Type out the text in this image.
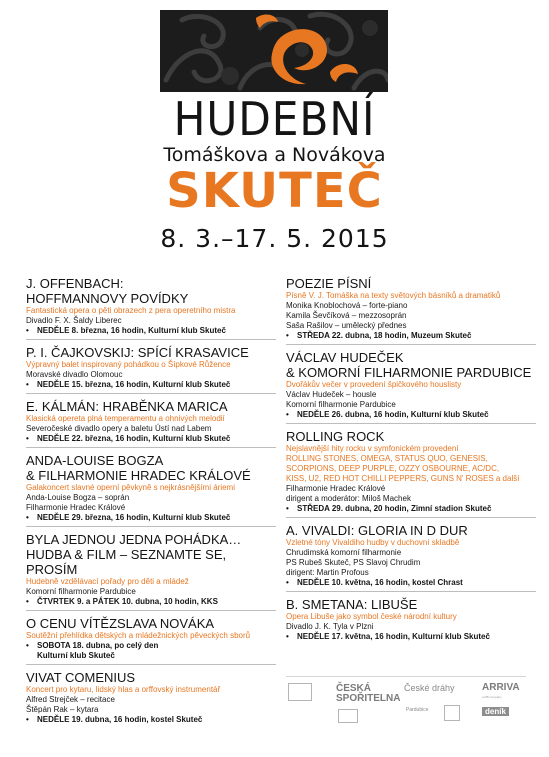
HUDEBNÍ
Tomáškova a Novákova
SKUTEČ
8. 3.–17. 5. 2015
J. OFFENBACH:
HOFFMANNOVY POVÍDKY
Fantastická opera o pěti obrazech z pera operetního mistra
Divadlo F. X. Šaldy Liberec
• NEDĚLE 8. března, 16 hodin, Kulturní klub Skuteč
P. I. ČAJKOVSKIJ: SPÍCÍ KRASAVICE
Výpravný balet inspirovaný pohádkou o Šípkové Růžence
Moravské divadlo Olomouc
• NEDĚLE 15. března, 16 hodin, Kulturní klub Skuteč
E. KÁLMÁN: HRABĚNKA MARICA
Klasická opereta plná temperamentu a ohnivých melodií
Severočeské divadlo opery a baletu Ústí nad Labem
• NEDĚLE 22. března, 16 hodin, Kulturní klub Skuteč
ANDA-LOUISE BOGZA
& FILHARMONIE HRADEC KRÁLOVÉ
Galakoncert slavné operní pěvkyně s nejkrásnějšími áriemi
Anda-Louise Bogza – soprán
Filharmonie Hradec Králové
• NEDĚLE 29. března, 16 hodin, Kulturní klub Skuteč
BYLA JEDNOU JEDNA POHÁDKA…
HUDBA & FILM – SEZNAMTE SE, PROSÍM
Hudebně vzdělávací pořady pro děti a mládež
Komorní filharmonie Pardubice
• ČTVRTEK 9. a PÁTEK 10. dubna, 10 hodin, KKS
O CENU VÍTĚZSLAVA NOVÁKA
Soutěžní přehlídka dětských a mládežnických pěveckých sborů
• SOBOTA 18. dubna, po celý den
Kulturní klub Skuteč
VIVAT COMENIUS
Koncert pro kytaru, lidský hlas a orffovský instrumentář
Alfred Strejček – recitace
Štěpán Rak – kytara
• NEDĚLE 19. dubna, 16 hodin, kostel Skuteč
POEZIE PÍSNÍ
Písně V. J. Tomáška na texty světových básníků a dramatiků
Monika Knoblochová – forte-piano
Kamila Ševčíková – mezzosoprán
Saša Rašilov – umělecký přednes
• STŘEDA 22. dubna, 18 hodin, Muzeum Skuteč
VÁCLAV HUDEČEK
& KOMORNÍ FILHARMONIE PARDUBICE
Dvořákův večer v provedení špičkového houslisty
Václav Hudeček – housle
Komorní filharmonie Pardubice
• NEDĚLE 26. dubna, 16 hodin, Kulturní klub Skuteč
ROLLING ROCK
Nejslavnější hity rocku v symfonickém provedení
ROLLING STONES, OMEGA, STATUS QUO, GENESIS,
SCORPIONS, DEEP PURPLE, OZZY OSBOURNE, AC/DC,
KISS, U2, RED HOT CHILLI PEPPERS, GUNS N' ROSES a další
Filharmonie Hradec Králové
dirigent a moderátor: Miloš Machek
• STŘEDA 29. dubna, 20 hodin, Zimní stadion Skuteč
A. VIVALDI: GLORIA IN D DUR
Vzletné tóny Vivaldiho hudby v duchovní skladbě
Chrudimská komorní filharmonie
PS Rubeš Skuteč, PS Slavoj Chrudim
dirigent: Martin Profous
• NEDĚLE 10. května, 16 hodin, kostel Chrast
B. SMETANA: LIBUŠE
Opera Libuše jako symbol české národní kultury
Divadlo J. K. Tyla v Plzni
• NEDĚLE 17. května, 16 hodin, Kulturní klub Skuteč
ČESKÁ SPOŘITELNA
České dráhy	ARRIVA
a DB company
Pardubice	deník
